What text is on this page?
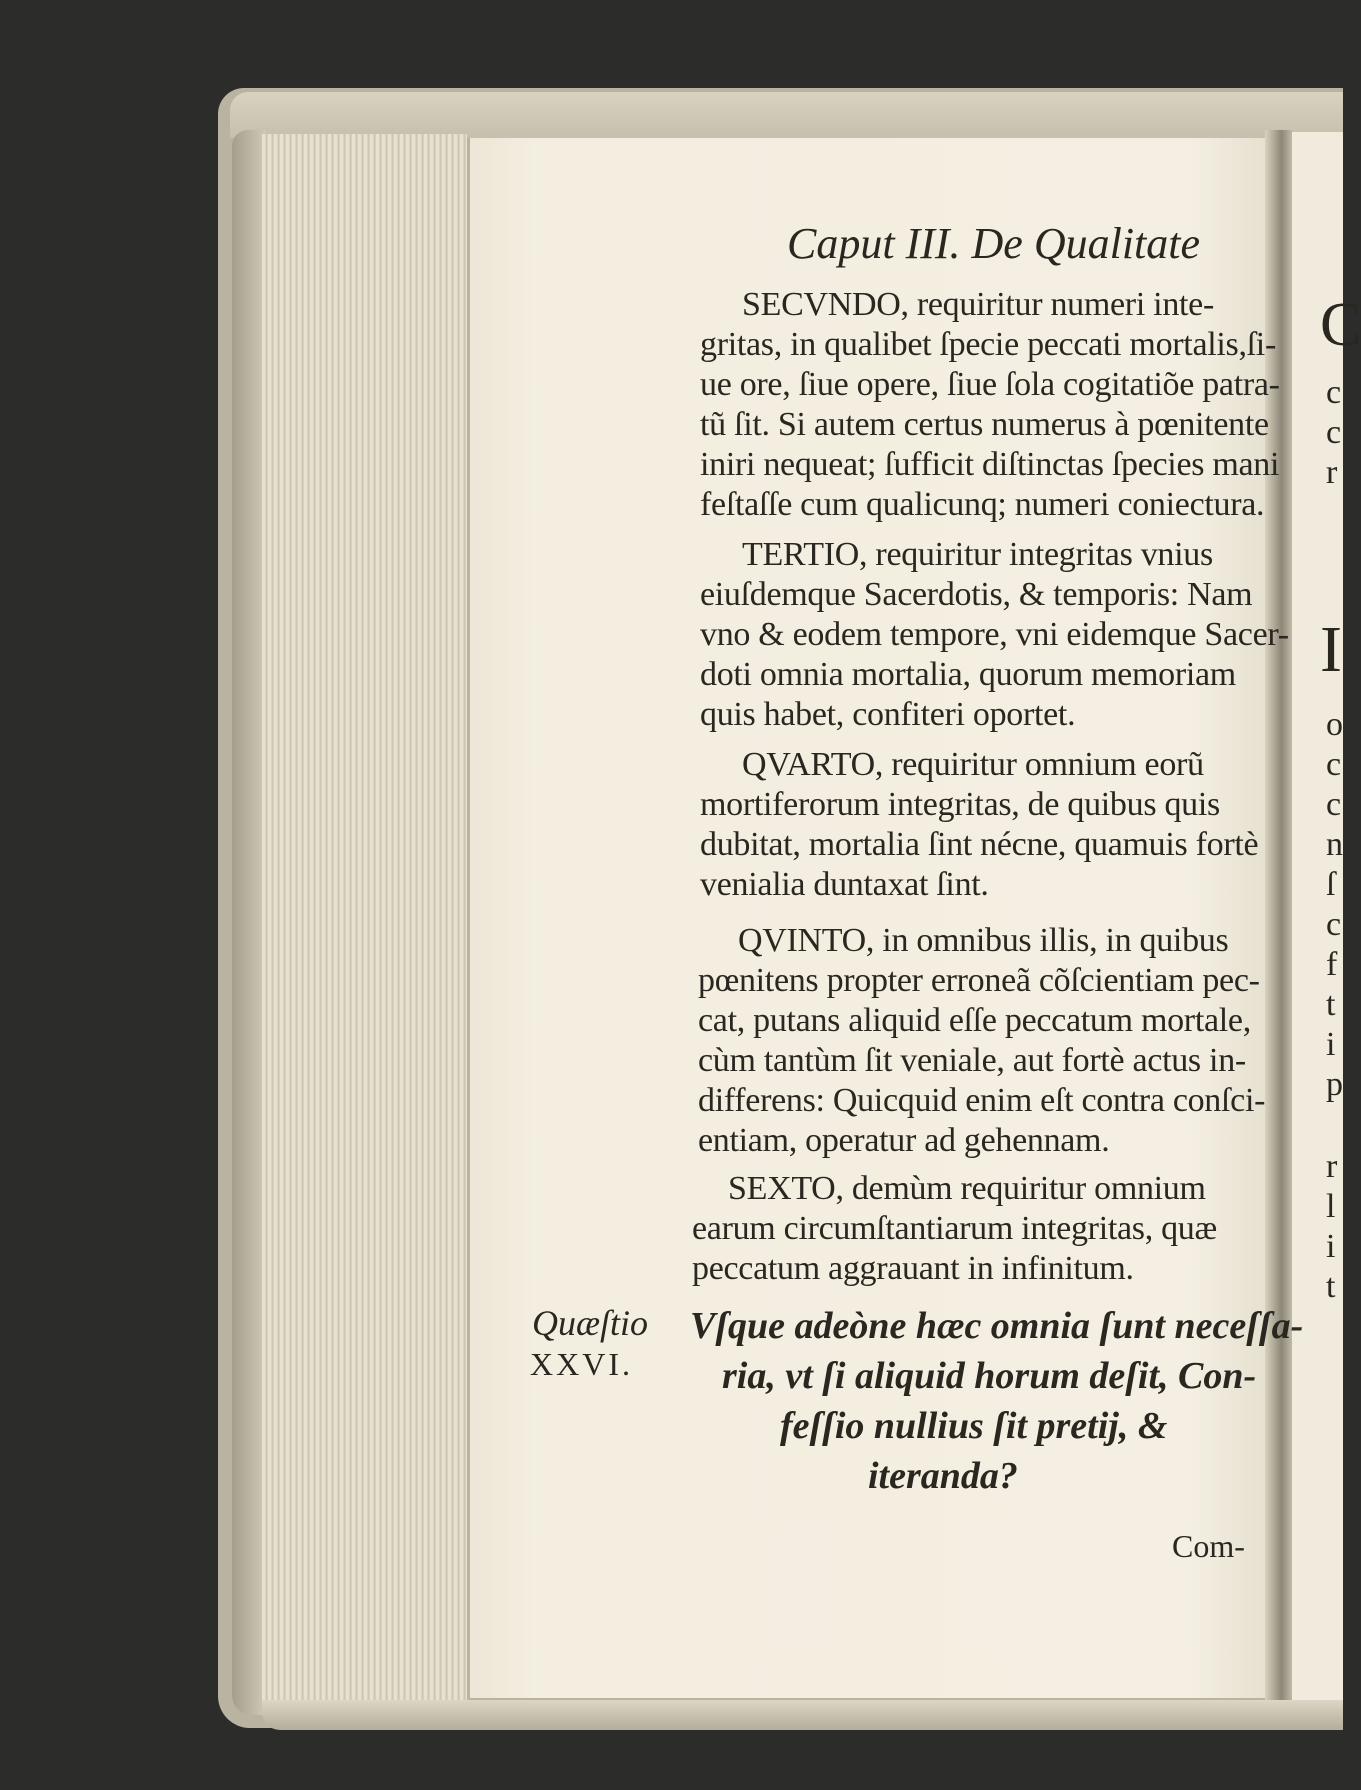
Caput III. De Qualitate
SECVNDO, requiritur numeri inte-
gritas, in qualibet ſpecie peccati mortalis,ſi-
ue ore, ſiue opere, ſiue ſola cogitatiõe patra-
tũ ſit. Si autem certus numerus à pœnitente
iniri nequeat; ſufficit diſtinctas ſpecies mani
feſtaſſe cum qualicunq; numeri coniectura.
TERTIO, requiritur integritas vnius
eiuſdemque Sacerdotis, & temporis: Nam
vno & eodem tempore, vni eidemque Sacer-
doti omnia mortalia, quorum memoriam
quis habet, confiteri oportet.
QVARTO, requiritur omnium eorũ
mortiferorum integritas, de quibus quis
dubitat, mortalia ſint nécne, quamuis fortè
venialia duntaxat ſint.
QVINTO, in omnibus illis, in quibus
pœnitens propter erroneã cõſcientiam pec-
cat, putans aliquid eſſe peccatum mortale,
cùm tantùm ſit veniale, aut fortè actus in-
differens: Quicquid enim eſt contra conſci-
entiam, operatur ad gehennam.
SEXTO, demùm requiritur omnium
earum circumſtantiarum integritas, quæ
peccatum aggrauant in infinitum.
Quæſtio
XXVI.
Vſque adeòne hæc omnia ſunt neceſſa-
ria, vt ſi aliquid horum deſit, Con-
feſſio nullius ſit pretij, &
iteranda?
Com-
C
c
c
r
I
o
c
c
n
ſ
c
f
t
i
p
r
l
i
t
